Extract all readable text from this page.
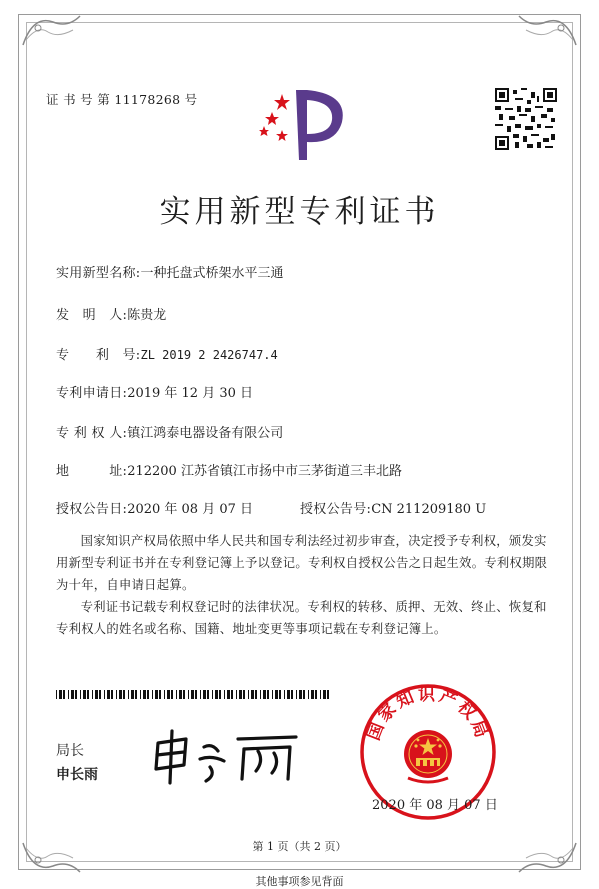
证 书 号 第 11178268 号
实用新型专利证书
实用新型名称:一种托盘式桥架水平三通
发　明　人:陈贵龙
专　　利　号:ZL 2019 2 2426747.4
专利申请日:2019 年 12 月 30 日
专 利 权 人:镇江鸿泰电器设备有限公司
地　　　址:212200 江苏省镇江市扬中市三茅街道三丰北路
授权公告日:2020 年 08 月 07 日	授权公告号:CN 211209180 U
国家知识产权局依照中华人民共和国专利法经过初步审查，决定授予专利权，颁发实用新型专利证书并在专利登记簿上予以登记。专利权自授权公告之日起生效。专利权期限为十年，自申请日起算。
专利证书记载专利权登记时的法律状况。专利权的转移、质押、无效、终止、恢复和专利权人的姓名或名称、国籍、地址变更等事项记载在专利登记簿上。
局长
申长雨
国家知识产权局
2020 年 08 月 07 日
第 1 页（共 2 页）
其他事项参见背面
